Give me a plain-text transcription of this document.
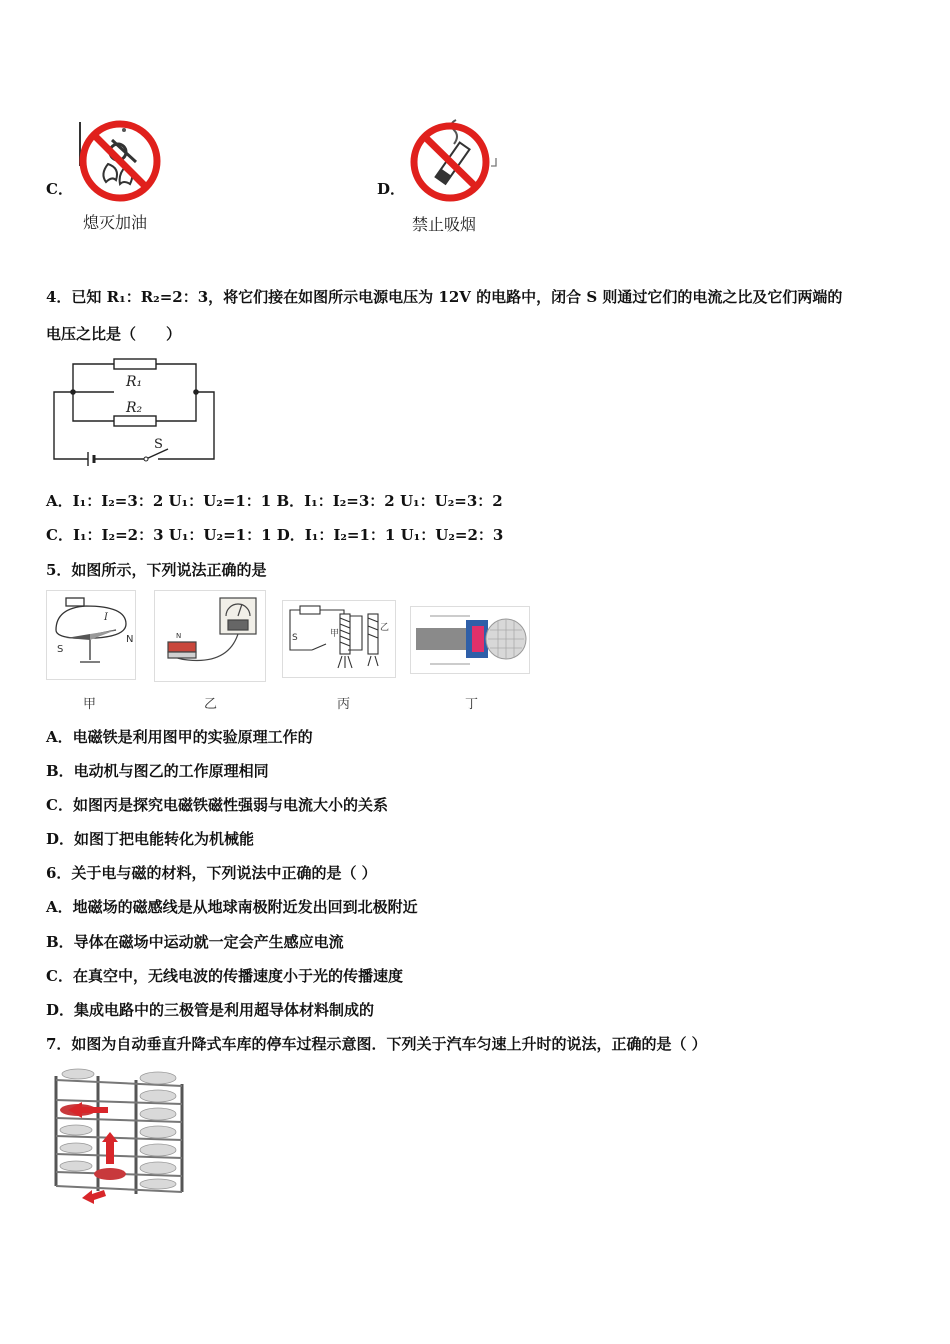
C．
熄灭加油
D．
禁止吸烟
4．已知 R₁：R₂=2：3，将它们接在如图所示电源电压为 12V 的电路中，闭合 S 则通过它们的电流之比及它们两端的
电压之比是（　　）
R₁
R₂
S
A．I₁：I₂=3：2 U₁：U₂=1：1 B．I₁：I₂=3：2 U₁：U₂=3：2
C．I₁：I₂=2：3 U₁：U₂=1：1 D．I₁：I₂=1：1 U₁：U₂=2：3
5．如图所示，下列说法正确的是
S
N
I
N	S	甲
乙
甲	乙	丙	丁
A．电磁铁是利用图甲的实验原理工作的
B．电动机与图乙的工作原理相同
C．如图丙是探究电磁铁磁性强弱与电流大小的关系
D．如图丁把电能转化为机械能
6．关于电与磁的材料，下列说法中正确的是（ ）
A．地磁场的磁感线是从地球南极附近发出回到北极附近
B．导体在磁场中运动就一定会产生感应电流
C．在真空中，无线电波的传播速度小于光的传播速度
D．集成电路中的三极管是利用超导体材料制成的
7．如图为自动垂直升降式车库的停车过程示意图．下列关于汽车匀速上升时的说法，正确的是（ ）
